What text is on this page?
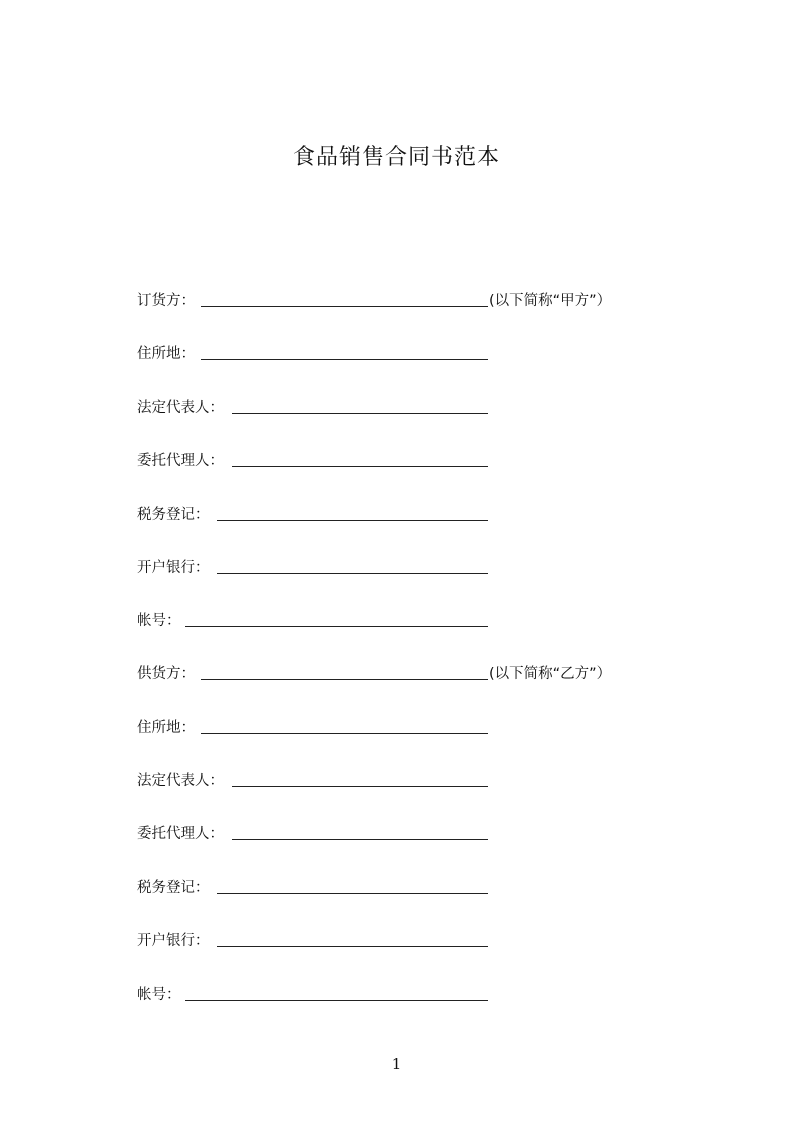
食品销售合同书范本
订货方：	(以下简称“甲方”）
住所地：
法定代表人：
委托代理人：
税务登记：
开户银行：
帐号：
供货方：	(以下简称“乙方”）
住所地：
法定代表人：
委托代理人：
税务登记：
开户银行：
帐号：
1
